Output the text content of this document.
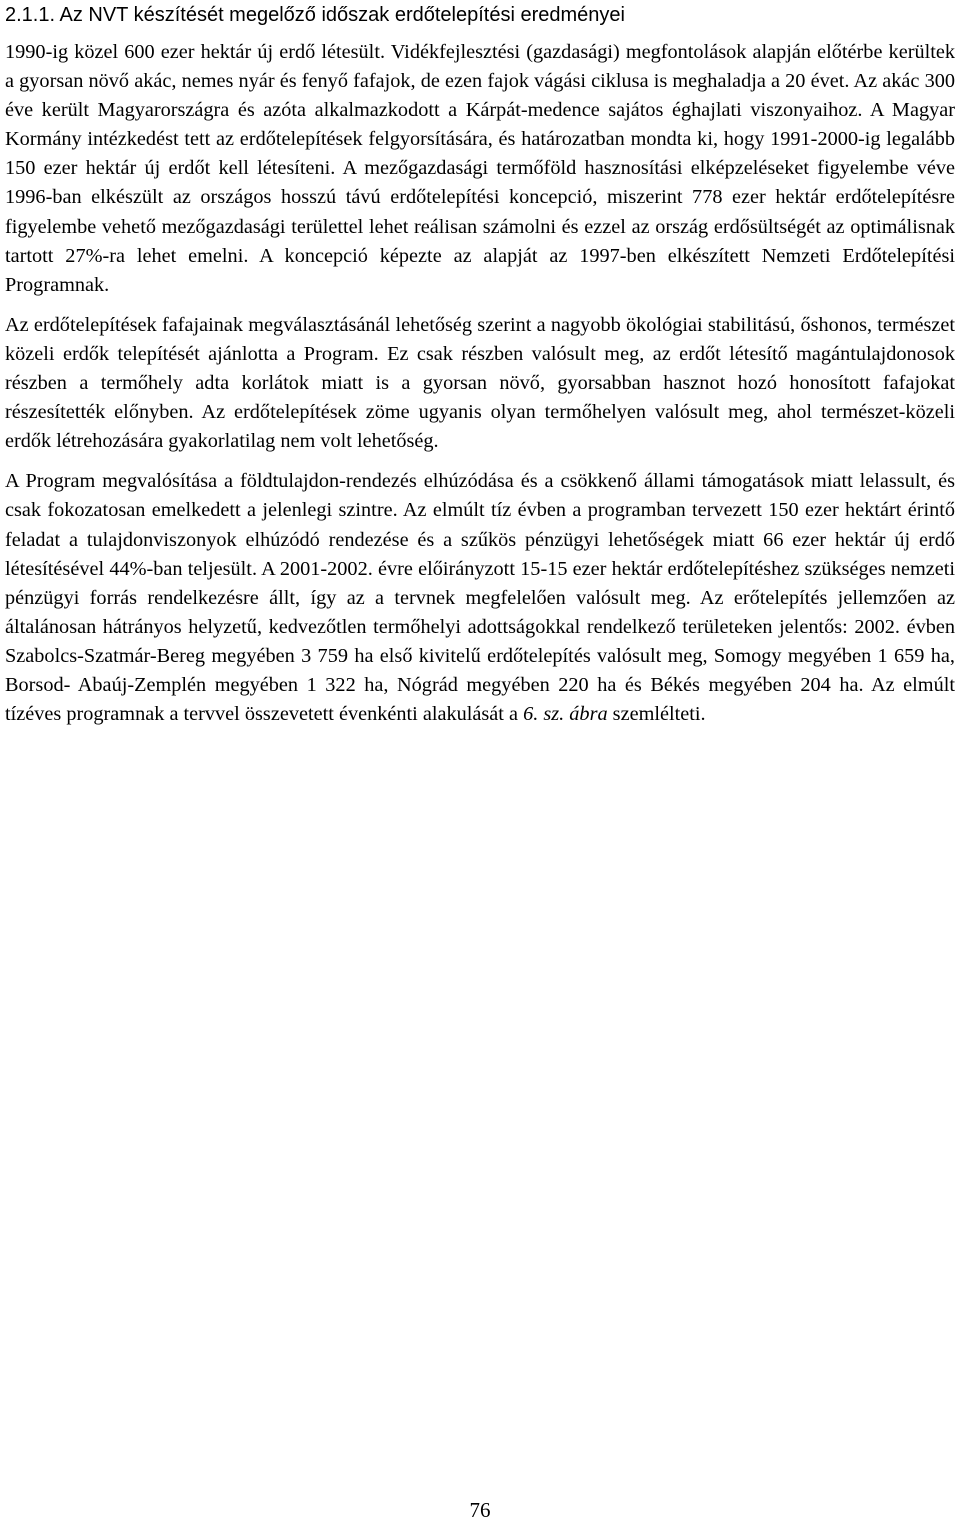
2.1.1. Az NVT készítését megelőző időszak erdőtelepítési eredményei

1990-ig közel 600 ezer hektár új erdő létesült. Vidékfejlesztési (gazdasági) megfontolások alapján előtérbe kerültek a gyorsan növő akác, nemes nyár és fenyő fafajok, de ezen fajok vágási ciklusa is meghaladja a 20 évet. Az akác 300 éve került Magyarországra és azóta alkalmazkodott a Kárpát-medence sajátos éghajlati viszonyaihoz. A Magyar Kormány intézkedést tett az erdőtelepítések felgyorsítására, és határozatban mondta ki, hogy 1991-2000-ig legalább 150 ezer hektár új erdőt kell létesíteni. A mezőgazdasági termőföld hasznosítási elképzeléseket figyelembe véve 1996-ban elkészült az országos hosszú távú erdőtelepítési koncepció, miszerint 778 ezer hektár erdőtelepítésre figyelembe vehető mezőgazdasági területtel lehet reálisan számolni és ezzel az ország erdősültségét az optimálisnak tartott 27%-ra lehet emelni. A koncepció képezte az alapját az 1997-ben elkészített Nemzeti Erdőtelepítési Programnak.

Az erdőtelepítések fafajainak megválasztásánál lehetőség szerint a nagyobb ökológiai stabilitású, őshonos, természet közeli erdők telepítését ajánlotta a Program. Ez csak részben valósult meg, az erdőt létesítő magántulajdonosok részben a termőhely adta korlátok miatt is a gyorsan növő, gyorsabban hasznot hozó honosított fafajokat részesítették előnyben. Az erdőtelepítések zöme ugyanis olyan termőhelyen valósult meg, ahol természet-közeli erdők létrehozására gyakorlatilag nem volt lehetőség.

A Program megvalósítása a földtulajdon-rendezés elhúzódása és a csökkenő állami támogatások miatt lelassult, és csak fokozatosan emelkedett a jelenlegi szintre. Az elmúlt tíz évben a programban tervezett 150 ezer hektárt érintő feladat a tulajdonviszonyok elhúzódó rendezése és a szűkös pénzügyi lehetőségek miatt 66 ezer hektár új erdő létesítésével 44%-ban teljesült. A 2001-2002. évre előirányzott 15-15 ezer hektár erdőtelepítéshez szükséges nemzeti pénzügyi forrás rendelkezésre állt, így az a tervnek megfelelően valósult meg. Az erőtelepítés jellemzően az általánosan hátrányos helyzetű, kedvezőtlen termőhelyi adottságokkal rendelkező területeken jelentős: 2002. évben Szabolcs-Szatmár-Bereg megyében 3 759 ha első kivitelű erdőtelepítés valósult meg, Somogy megyében 1 659 ha, Borsod- Abaúj-Zemplén megyében 1 322 ha, Nógrád megyében 220 ha és Békés megyében 204 ha. Az elmúlt tízéves programnak a tervvel összevetett évenkénti alakulását a 6. sz. ábra szemlélteti.

76
